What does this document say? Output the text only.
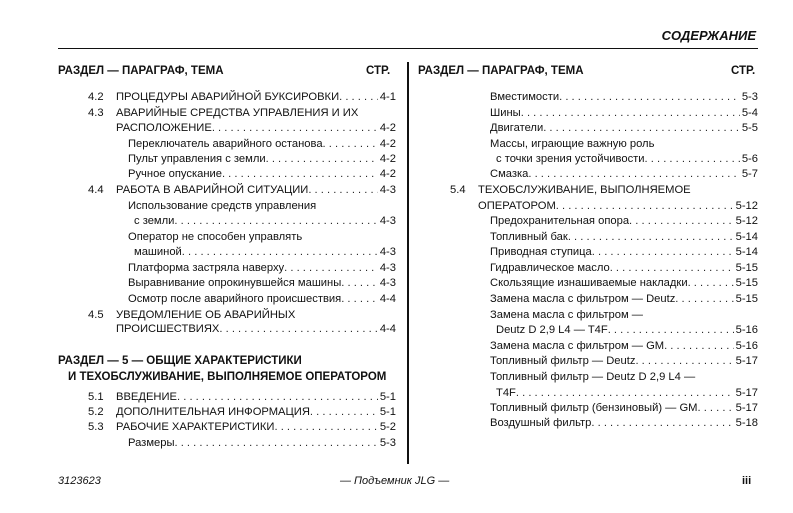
СОДЕРЖАНИЕ
РАЗДЕЛ — ПАРАГРАФ, ТЕМА	СТР. РАЗДЕЛ — ПАРАГРАФ, ТЕМА	СТР.
4.2 ПРОЦЕДУРЫ АВАРИЙНОЙ БУКСИРОВКИ . . .	4-1
4.3 АВАРИЙНЫЕ СРЕДСТВА УПРАВЛЕНИЯ И ИХ
РАСПОЛОЖЕНИЕ . . .	4-2
Переключатель аварийного останова . . .	4-2
Пульт управления с земли . . .	4-2
Ручное опускание . . .	4-2
4.4 РАБОТА В АВАРИЙНОЙ СИТУАЦИИ . . .	4-3
Использование средств управления
с земли . . .	4-3
Оператор не способен управлять
машиной . . .	4-3
Платформа застряла наверху . . .	4-3
Выравнивание опрокинувшейся машины . . .	4-3
Осмотр после аварийного происшествия . . .	4-4
4.5 УВЕДОМЛЕНИЕ ОБ АВАРИЙНЫХ
ПРОИСШЕСТВИЯХ . . .	4-4
РАЗДЕЛ — 5 — ОБЩИЕ ХАРАКТЕРИСТИКИ
И ТЕХОБСЛУЖИВАНИЕ, ВЫПОЛНЯЕМОЕ ОПЕРАТОРОМ
5.1 ВВЕДЕНИЕ . . .	5-1
5.2 ДОПОЛНИТЕЛЬНАЯ ИНФОРМАЦИЯ . . .	5-1
5.3 РАБОЧИЕ ХАРАКТЕРИСТИКИ . . .	5-2
Размеры . . .	5-3
Вместимости . . .	5-3
Шины . . .	5-4
Двигатели . . .	5-5
Массы, играющие важную роль
с точки зрения устойчивости . . .	5-6
Смазка . . .	5-7
5.4 ТЕХОБСЛУЖИВАНИЕ, ВЫПОЛНЯЕМОЕ
ОПЕРАТОРОМ . . .	5-12
Предохранительная опора . . .	5-12
Топливный бак . . .	5-14
Приводная ступица . . .	5-14
Гидравлическое масло . . .	5-15
Скользящие изнашиваемые накладки . . .	5-15
Замена масла с фильтром — Deutz . . .	5-15
Замена масла с фильтром —
Deutz D 2,9 L4 — T4F . . .	5-16
Замена масла с фильтром — GM . . .	5-16
Топливный фильтр — Deutz . . .	5-17
Топливный фильтр — Deutz D 2,9 L4 —
T4F . . .	5-17
Топливный фильтр (бензиновый) — GM . . .	5-17
Воздушный фильтр . . .	5-18
3123623	— Подъемник JLG —	iii
